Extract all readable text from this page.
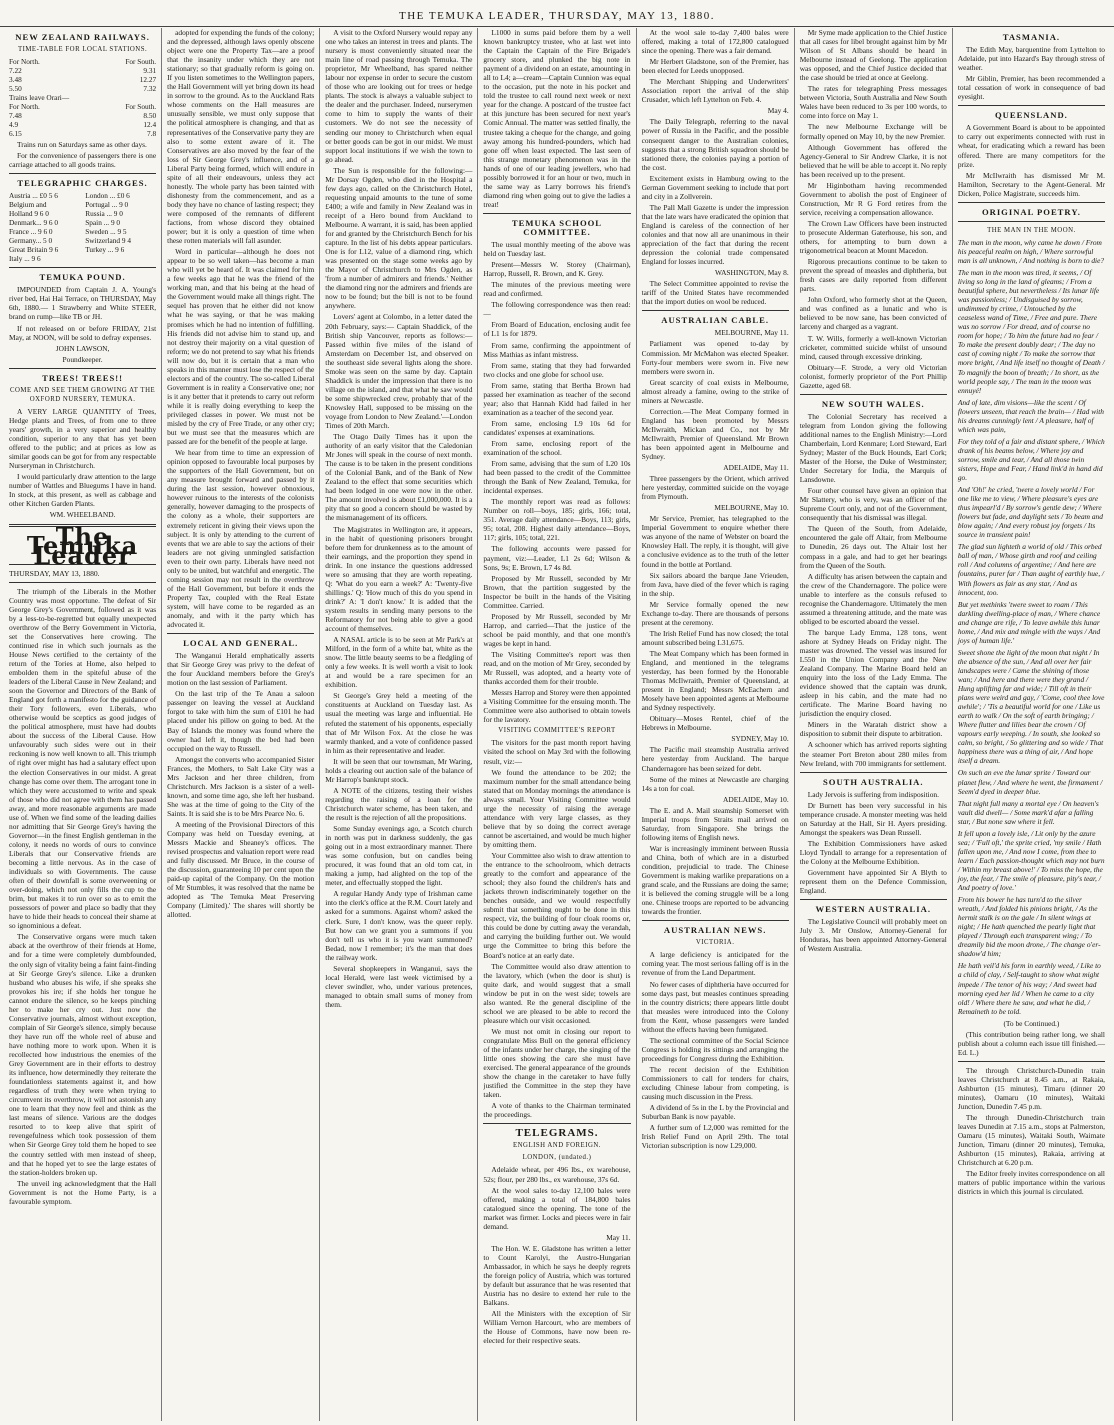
THE TEMUKA LEADER, THURSDAY, MAY 13, 1880.

NEW ZEALAND RAILWAYS.

TIME-TABLE FOR LOCAL STATIONS.

For North.	For South.
7.22	9.31
3.48	12.27
5.50	7.32
Trains leave Orari—	
For North.	For South.
7.48	8.50
4.9	12.4
6.15	7.8

Trains run on Saturdays same as other days.

For the convenience of passengers there is one carriage attached to all goods trains.

TELEGRAPHIC CHARGES.

Austria ... £0 5 6	London ... £0 6
Belgium and	Portugal ... 9 0
Holland 9 6 0	Russia ... 9 0
Denmark... 9 6 0	Spain ... 9 0
France ... 9 6 0	Sweden ... 9 5
Germany... 5 0	Switzerland 9 4
Great Britain 9 6	Turkey ... 9 6
Italy ... 9 6	

TEMUKA POUND.

IMPOUNDED from Captain J. A. Young's river bed, Hai Hai Terrace, on THURSDAY, May 6th, 1880.— 1 Strawberry and White STEER, brand on rump—like TB or JH.

If not released on or before FRIDAY, 21st May, at NOON, will be sold to defray expenses.

JOHN LAWSON,

Poundkeeper.

TREES! TREES!!

COME AND SEE THEM GROWING AT THE OXFORD NURSERY, TEMUKA.

A VERY LARGE QUANTITY of Trees, Hedge plants and Trees, of from one to three years' growth, in a very superior and healthy condition, superior to any that has yet been offered to the public; and at prices as low as similar goods can be got for from any respectable Nurseryman in Christchurch.

I would particularly draw attention to the large number of Wattles and Bluegums I have in hand. In stock, at this present, as well as cabbage and other Kitchen Garden Plants.

WM. WHEELBAND.

The Temuka Leader

THURSDAY, MAY 13, 1880.

The triumph of the Liberals in the Mother Country was most opportune. The defeat of Sir George Grey's Government, followed as it was by a less-to-be-regretted but equally unexpected overthrow of the Berry Government in Victoria, set the Conservatives here crowing. The continued rise in which such journals as the House News certified to the certainty of the return of the Tories at Home, also helped to embolden them in the spiteful abuse of the leaders of the Liberal Cause in New Zealand; and soon the Governor and Directors of the Bank of England got forth a manifesto for the guidance of their Tory followers, even Liberals, who otherwise would be sceptics as good judges of the political atmosphere, must have had doubts about the success of the Liberal Cause. How unfavourably such sides were out in their reckoning is now well known to all. This triumph of right over might has had a salutary effect upon the election Conservatives in our midst. A great change has come over them. The arrogant tone in which they were accustomed to write and speak of those who did not agree with them has passed away, and more reasonable arguments are made use of. When we find some of the leading dailies nor admitting that Sir George Grey's having the Governor—in the finest English gentleman in the colony, it needs no words of ours to convince Liberals that our Conservative friends are becoming a little nervous. As in the case of individuals so with Governments. The cause often of their downfall is some overweening or over-doing, which not only fills the cup to the brim, but makes it to run over so as to emit the possessors of power and place so badly that they have to hide their heads to conceal their shame at so ignominious a defeat.

The Conservative organs were much taken aback at the overthrow of their friends at Home, and for a time were completely dumbfounded, the only sign of vitality being a faint faint-finding at Sir George Grey's silence. Like a drunken husband who abuses his wife, if she speaks she provokes his ire; if she holds her tongue he cannot endure the silence, so he keeps pinching her to make her cry out. Just now the Conservative journals, almost without exception, complain of Sir George's silence, simply because they have run off the whole reel of abuse and have nothing more to work upon. When it is recollected how industrious the enemies of the Grey Government are in their efforts to destroy its influence, how determinedly they reiterate the foundationless statements against it, and how regardless of truth they were when trying to circumvent its overthrow, it will not astonish any one to learn that they now feel and think as the last means of silence. Various are the dodges resorted to to keep alive that spirit of revengefulness which took possession of them when Sir George Grey told them he hoped to see the country settled with men instead of sheep, and that he hoped yet to see the large estates of the station-holders broken up.

The unveil ing acknowledgment that the Hall Government is not the Home Party, is a favourable symptom.

adopted for expending the funds of the colony; and the depressed, although laws openly obscene object were one the Property Tax—are a proof that the insanity under which they are not stationary; so that gradually reform is going on. If you listen sometimes to the Wellington papers, the Hall Government will yet bring down its head in sorrow to the ground. As to the Auckland Rats whose comments on the Hall measures are unusually sensible, we must only suppose that the political atmosphere is changing, and that as representatives of the Conservative party they are also to some extent aware of it. The Conservatives are also moved by the fear of the loss of Sir George Grey's influence, and of a Liberal Party being formed, which will endure in spite of all their endeavours, unless they act honestly. The whole party has been tainted with dishonesty from the commencement, and as a body they have no chance of lasting respect; they were composed of the remnants of different factions, from whose discord they obtained power; but it is only a question of time when these rotten materials will fall asunder.

Word in particular—although he does not appear to be so well taken—has become a man who will yet be heard of. It was claimed for him a few weeks ago that he was the friend of the working man, and that his being at the head of the Government would make all things right. The sequel has proven that he either did not know what he was saying, or that he was making promises which he had no intention of fulfilling. His friends did not advise him to stand up, and not destroy their majority on a vital question of reform; we do not pretend to say what his friends will now do, but it is certain that a man who speaks in this manner must lose the respect of the electors and of the country. The so-called Liberal Government is in reality a Conservative one; nor is it any better that it pretends to carry out reform while it is really doing everything to keep the privileged classes in power. We must not be misled by the cry of Free Trade, or any other cry; but we must see that the measures which are passed are for the benefit of the people at large.

We hear from time to time an expression of opinion opposed to favourable local purposes by the supporters of the Hall Government, but on any measure brought forward and passed by it during the last session, however obnoxious, however ruinous to the interests of the colonists generally, however damaging to the prospects of the colony as a whole, their supporters are extremely reticent in giving their views upon the subject. It is only by attending to the current of events that we are able to say the actions of their leaders are not giving unmingled satisfaction even to their own party. Liberals have need not only to be united, but watchful and energetic. The coming session may not result in the overthrow of the Hall Government, but before it ends the Property Tax, coupled with the Real Estate system, will have come to be regarded as an anomaly, and with it the party which has advocated it.

LOCAL AND GENERAL.

The Wanganui Herald emphatically asserts that Sir George Grey was privy to the defeat of the four Auckland members before the Grey's motion on the last session of Parliament.

On the last trip of the Te Anau a saloon passenger on leaving the vessel at Auckland forgot to take with him the sum of £101 he had placed under his pillow on going to bed. At the Bay of Islands the money was found where the owner had left it, though the bed had been occupied on the way to Russell.

Amongst the converts who accompanied Sister Frances, the Mothers, to Salt Lake City was a Mrs Jackson and her three children, from Christchurch. Mrs Jackson is a sister of a well-known, and some time ago, she left her husband. She was at the time of going to the City of the Saints. It is said she is to be Mrs Pearce No. 6.

A meeting of the Provisional Directors of this Company was held on Tuesday evening, at Messrs Mackie and Sheaney's offices. The revised prospectus and valuation report were read and fully discussed. Mr Bruce, in the course of the discussion, guaranteeing 10 per cent upon the paid-up capital of the Company. On the motion of Mr Stumbles, it was resolved that the name be adopted as 'The Temuka Meat Preserving Company (Limited).' The shares will shortly be allotted.

A visit to the Oxford Nursery would repay any one who takes an interest in trees and plants. The nursery is most conveniently situated near the main line of road passing through Temuka. The proprietor, Mr Wheelband, has spared neither labour nor expense in order to secure the custom of those who are looking out for trees or hedge plants. The stock is always a valuable subject to the dealer and the purchaser. Indeed, nurserymen come to him to supply the wants of their customers. We do not see the necessity of sending our money to Christchurch when equal or better goods can be got in our midst. We must support local institutions if we wish the town to go ahead.

The Sun is responsible for the following:— Mr Dorsay Ogden, who died in the Hospital a few days ago, called on the Christchurch Hotel, requesting unpaid amounts to the tune of some £400; a wife and family in New Zealand was in receipt of a Hero bound from Auckland to Melbourne. A warrant, it is said, has been applied for and granted by the Christchurch Bench for his capture. In the list of his debts appear particulars. One is for L12, value of a diamond ring, which was presented on the stage some weeks ago by the Mayor of Christchurch to Mrs Ogden, as 'from a number of admirers and friends.' Neither the diamond ring nor the admirers and friends are now to be found; but the bill is not to be found anywhere.

Lovers' agent at Colombo, in a letter dated the 20th February, says:— Captain Shaddick, of the British ship Vancouver, reports as follows:— Passed within five miles of the island of Amsterdam on December 1st, and observed on the southeast side several lights along the shore. Smoke was seen on the same by day. Captain Shaddick is under the impression that there is no village on the island, and that what he saw would be some shipwrecked crew, probably that of the Knowsley Hall, supposed to be missing on the voyage from London to New Zealand.'—London Times of 20th March.

The Otago Daily Times has it upon the authority of an early visitor that the Caledonian Mr Jones will speak in the course of next month. The cause is to be taken in the present conditions of the Colonial Bank, and of the Bank of New Zealand to the effect that some securities which had been lodged in one were now in the other. The amount involved is about £1,000,000. It is a pity that so good a concern should be wasted by the mismanagement of its officers.

The Magistrates in Wellington are, it appears, in the habit of questioning prisoners brought before them for drunkenness as to the amount of their earnings, and the proportion they spend in drink. In one instance the questions addressed were so amusing that they are worth repeating. Q: 'What do you earn a week?' A: 'Twenty-five shillings.' Q: 'How much of this do you spend in drink?' A: 'I don't know.' It is added that the system results in sending many persons to the Reformatory for not being able to give a good account of themselves.

A NASAL article is to be seen at Mr Park's at Milford, in the form of a white bat, white as the snow. The little beauty seems to be a fledgling of only a few weeks. It is well worth a visit to look at and would be a rare specimen for an exhibition.

St George's Grey held a meeting of the constituents at Auckland on Tuesday last. As usual the meeting was large and influential. He refuted the statement of his opponents, especially that of Mr Wilson Fox. At the close he was warmly thanked, and a vote of confidence passed in him as their representative and leader.

It will be seen that our townsman, Mr Waring, holds a clearing out auction sale of the balance of Mr Harrop's bankrupt stock.

A NOTE of the citizens, testing their wishes regarding the raising of a loan for the Christchurch water scheme, has been taken, and the result is the rejection of all the propositions.

Some Sunday evenings ago, a Scotch church in north was put in darkness suddenly, the gas going out in a most extraordinary manner. There was some confusion, but on candles being procured, it was found that an old tom cat, in making a jump, had alighted on the top of the meter, and effectually stopped the light.

A regular Handy Andy type of Irishman came into the clerk's office at the R.M. Court lately and asked for a summons. Against whom? asked the clerk. Sure, I don't know, was the queer reply. But how can we grant you a summons if you don't tell us who it is you want summoned? Bedad, now I remember; it's the man that does the railway work.

Several shopkeepers in Wanganui, says the local Herald, were last week victimised by a clever swindler, who, under various pretences, managed to obtain small sums of money from them.

L1000 in sums paid before them by a well known bankruptcy trustee, who at last wet into the Captain the Captain of the Fire Brigade's grocery store, and plunked the big note in payment of a dividend on an estate, amounting in all to L4; a—cream—Captain Cunnion was equal to the occasion, put the note in his pocket and told the trustee to call round next week or next year for the change. A postcard of the trustee fact at this juncture has been secured for next year's Comic Annual. The matter was settled finally, the trustee taking a cheque for the change, and going away among his hundred-pounders, which had gone off when least expected. The last seen of this strange monetary phenomenon was in the hands of one of our leading jewellers, who had possibly borrowed it for an hour or two, much in the same way as Larry borrows his friend's diamond ring when going out to give the ladies a treat!

TEMUKA SCHOOL COMMITTEE.

The usual monthly meeting of the above was held on Tuesday last.

Present—Messrs W. Storey (Chairman), Harrop, Russell, R. Brown, and K. Grey.

The minutes of the previous meeting were read and confirmed.

The following correspondence was then read:—

From Board of Education, enclosing audit fee of L1 1s for 1879.

From same, confirming the appointment of Miss Mathias as infant mistress.

From same, stating that they had forwarded two clocks and one globe for school use.

From same, stating that Bertha Brown had passed her examination as teacher of the second year; also that Hannah Kidd had failed in her examination as a teacher of the second year.

From same, enclosing L9 10s 6d for candidates' expenses at examinations.

From same, enclosing report of the examination of the school.

From same, advising that the sum of L20 10s had been passed to the credit of the Committee through the Bank of New Zealand, Temuka, for incidental expenses.

The monthly report was read as follows: Number on roll—boys, 185; girls, 166; total, 351. Average daily attendance—Boys, 113; girls, 95; total, 208. Highest daily attendance—Boys, 117; girls, 105; total, 221.

The following accounts were passed for payment, viz:—Leader, L1 2s 6d; Wilson & Sons, 9s; E. Brown, L7 4s 8d.

Proposed by Mr Russell, seconded by Mr Brown, that the partition suggested by the Inspector be built in the hands of the Visiting Committee. Carried.

Proposed by Mr Russell, seconded by Mr Harrop, and carried—That the justice of the school be paid monthly, and that one month's wages be kept in hand.

The Visiting Committee's report was then read, and on the motion of Mr Grey, seconded by Mr Russell, was adopted, and a hearty vote of thanks accorded them for their trouble.

Messrs Harrop and Storey were then appointed a Visiting Committee for the ensuing month. The Committee were also authorised to obtain towels for the lavatory.

VISITING COMMITTEE'S REPORT

The visitors for the past month report having visited the school on May 3rd with the following result, viz:—

We found the attendance to be 202; the maximum number for the small attendance being stated that on Monday mornings the attendance is always small. Your Visiting Committee would urge the necessity of raising the average attendance with very large classes, as they believe that by so doing the correct average cannot be ascertained, and would be much higher by omitting them.

Your Committee also wish to draw attention to the entrance to the schoolroom, which detracts greatly to the comfort and appearance of the school; they also found the children's hats and jackets thrown indiscriminately together on the benches outside, and we would respectfully submit that something ought to be done in this respect, viz, the building of four cloak rooms or, this could be done by cutting away the verandah, and carrying the building further out. We would urge the Committee to bring this before the Board's notice at an early date.

The Committee would also draw attention to the lavatory, which (when the door is shut) is quite dark, and would suggest that a small window be put in on the west side; towels are also wanted. Re the general discipline of the school we are pleased to be able to record the pleasure which our visit occasioned.

We must not omit in closing our report to congratulate Miss Bull on the general efficiency of the infants under her charge, the singing of the little ones showing the care she must have exercised. The general appearance of the grounds show the change in the caretaker to have fully justified the Committee in the step they have taken.

A vote of thanks to the Chairman terminated the proceedings.

TELEGRAMS.

ENGLISH AND FOREIGN.

LONDON, (undated.)

Adelaide wheat, per 496 lbs., ex warehouse, 52s; flour, per 280 lbs., ex warehouse, 37s 6d.

At the wool sales to-day 12,100 bales were offered, making a total of 184,800 bales catalogued since the opening. The tone of the market was firmer. Locks and pieces were in fair demand.

May 11.

The Hon. W. E. Gladstone has written a letter to Count Karolyi, the Austro-Hungarian Ambassador, in which he says he deeply regrets the foreign policy of Austria, which was tortured by default but assurance that he was resented that Austria has no desire to extend her rule to the Balkans.

All the Ministers with the exception of Sir William Vernon Harcourt, who are members of the House of Commons, have now been re-elected for their respective seats.

At the wool sale to-day 7,400 bales were offered, making a total of 172,800 catalogued since the opening. There was a fair demand.

Mr Herbert Gladstone, son of the Premier, has been elected for Leeds unopposed.

The Merchant Shipping and Underwriters' Association report the arrival of the ship Crusader, which left Lyttelton on Feb. 4.

May 4.

The Daily Telegraph, referring to the naval power of Russia in the Pacific, and the possible consequent danger to the Australian colonies, suggests that a strong British squadron should be stationed there, the colonies paying a portion of the cost.

Excitement exists in Hamburg owing to the German Government seeking to include that port and city in a Zollverein.

The Pall Mall Gazette is under the impression that the late wars have eradicated the opinion that England is careless of the connection of her colonies and that now all are unanimous in their appreciation of the fact that during the recent depression the colonial trade compensated England for losses incurred.

WASHINGTON, May 8.

The Select Committee appointed to revise the tariff of the United States have recommended that the import duties on wool be reduced.

AUSTRALIAN CABLE.

MELBOURNE, May 11.

Parliament was opened to-day by Commission. Mr McMahon was elected Speaker. Forty-four members were sworn in. Five new members were sworn in.

Great scarcity of coal exists in Melbourne, almost already a famine, owing to the strike of miners at Newcastle.

Correction.—The Meat Company formed in England has been promoted by Messrs McIlwraith, Mickan and Co., not by Mr McIlwraith, Premier of Queensland. Mr Brown has been appointed agent in Melbourne and Sydney.

ADELAIDE, May 11.

Three passengers by the Orient, which arrived here yesterday, committed suicide on the voyage from Plymouth.

MELBOURNE, May 10.

Mr Service, Premier, has telegraphed to the Imperial Government to enquire whether there was anyone of the name of Webster on board the Knowsley Hall. The reply, it is thought, will give a conclusive evidence as to the truth of the letter found in the bottle at Portland.

Six sailors aboard the barque Jane Vrieuden, from Java, have died of the fever which is raging in the ship.

Mr Service formally opened the new Exchange to-day. There are thousands of persons present at the ceremony.

The Irish Relief Fund has now closed; the total amount subscribed being L31,675.

The Meat Company which has been formed in England, and mentioned in the telegrams yesterday, has been formed by the Honorable Thomas McIlwraith, Premier of Queensland, at present in England; Messrs McEachern and Mosely have been appointed agents at Melbourne and Sydney respectively.

Obituary—Moses Rentel, chief of the Hebrews in Melbourne.

SYDNEY, May 10.

The Pacific mail steamship Australia arrived here yesterday from Auckland. The barque Chandernagore has been seized for debt.

Some of the mines at Newcastle are charging 14s a ton for coal.

ADELAIDE, May 10.

The E. and A. Mail steamship Somerset with Imperial troops from Straits mail arrived on Saturday, from Singapore. She brings the following items of English news.

War is increasingly imminent between Russia and China, both of which are in a disturbed condition, prejudicial to trade. The Chinese Government is making warlike preparations on a grand scale, and the Russians are doing the same; it is believed the coming struggle will be a long one. Chinese troops are reported to be advancing towards the frontier.

AUSTRALIAN NEWS.

VICTORIA.

A large deficiency is anticipated for the coming year. The most serious falling off is in the revenue of from the Land Department.

No fewer cases of diphtheria have occurred for some days past, but measles continues spreading in the country districts; there appears little doubt that measles were introduced into the Colony from the Kent, whose passengers were landed without the effects having been fumigated.

The sectional committee of the Social Science Congress is holding its sittings and arranging the proceedings for Congress during the Exhibition.

The recent decision of the Exhibition Commissioners to call for tenders for chairs, excluding Chinese labour from competing, is causing much discussion in the Press.

A dividend of 5s in the L by the Provincial and Suburban Bank is now payable.

A further sum of L2,000 was remitted for the Irish Relief Fund on April 29th. The total Victorian subscription is now L29,000.

Mr Syme made application to the Chief Justice that all cases for libel brought against him by Mr Wilson of St Albans should be heard in Melbourne instead of Geelong. The application was opposed, and the Chief Justice decided that the case should be tried at once at Geelong.

The rates for telegraphing Press messages between Victoria, South Australia and New South Wales have been reduced to 3s per 100 words, to come into force on May 1.

The new Melbourne Exchange will be formally opened on May 10, by the new Premier.

Although Government has offered the Agency-General to Sir Andrew Clarke, it is not believed that he will be able to accept it. No reply has been received up to the present.

Mr Higinbotham having recommended Government to abolish the post of Engineer of Construction, Mr R G Ford retires from the service, receiving a compensation allowance.

The Crown Law Officers have been instructed to prosecute Alderman Gaterhouse, his son, and others, for attempting to burn down a trigonometrical beacon at Mount Macedon.

Rigorous precautions continue to be taken to prevent the spread of measles and diphtheria, but fresh cases are daily reported from different parts.

John Oxford, who formerly shot at the Queen, and was confined as a lunatic and who is believed to be now sane, has been convicted of larceny and charged as a vagrant.

T. W. Wills, formerly a well-known Victorian cricketer, committed suicide whilst of unsound mind, caused through excessive drinking.

Obituary—F. Strode, a very old Victorian colonist, formerly proprietor of the Port Phillip Gazette, aged 68.

NEW SOUTH WALES.

The Colonial Secretary has received a telegram from London giving the following additional names to the English Ministry:—Lord Chamberlain, Lord Kenmare; Lord Steward, Earl Sydney; Master of the Buck Hounds, Earl Cork; Master of the Horse, the Duke of Westminster; Under Secretary for India, the Marquis of Lansdowne.

Four other counsel have given an opinion that Mr Slattery, who is very, was an officer of the Supreme Court only, and not of the Government, consequently that his dismissal was illegal.

The Queen of the South, from Adelaide, encountered the gale off Altair, from Melbourne to Dunedin, 26 days out. The Altair lost her compass in a gale, and had to get her bearings from the Queen of the South.

A difficulty has arisen between the captain and the crew of the Chandernagore. The police were unable to interfere as the consuls refused to recognise the Chandernagore. Ultimately the men assumed a threatening attitude, and the mate was obliged to be escorted aboard the vessel.

The barque Lady Emma, 128 tons, went ashore at Sydney Heads on Friday night. The master was drowned. The vessel was insured for L550 in the Union Company and the New Zealand Company. The Marine Board held an enquiry into the loss of the Lady Emma. The evidence showed that the captain was drunk, asleep in his cabin, and the mate had no certificate. The Marine Board having no jurisdiction the enquiry closed.

Miners in the Waratah district show a disposition to submit their dispute to arbitration.

A schooner which has arrived reports sighting the steamer Port Breton about 280 miles from New Ireland, with 700 immigrants for settlement.

SOUTH AUSTRALIA.

Lady Jervois is suffering from indisposition.

Dr Burnett has been very successful in his temperance crusade. A monster meeting was held on Saturday at the Hall, Sir H. Ayers presiding. Amongst the speakers was Dean Russell.

The Exhibition Commissioners have asked Lloyd Tyndall to arrange for a representation of the Colony at the Melbourne Exhibition.

Government have appointed Sir A Blyth to represent them on the Defence Commission, England.

WESTERN AUSTRALIA.

The Legislative Council will probably meet on July 3. Mr Onslow, Attorney-General for Honduras, has been appointed Attorney-General of Western Australia.

TASMANIA.

The Edith May, barquentine from Lyttelton to Adelaide, put into Hazard's Bay through stress of weather.

Mr Giblin, Premier, has been recommended a total cessation of work in consequence of bad eyesight.

QUEENSLAND.

A Government Board is about to be appointed to carry out experiments connected with rust in wheat, for eradicating which a reward has been offered. There are many competitors for the prize.

Mr McIlwraith has dismissed Mr M. Hamilton, Secretary to the Agent-General. Mr Dicken, Police Magistrate, succeeds him.

ORIGINAL POETRY.

THE MAN IN THE MOON.

The man in the moon, why came he down / From his peaceful realm on high, / Where sorrowful man is all unknown, / And nothing is born to die?

The man in the moon was tired, it seems, / Of living so long in the land of gleams; / From a beautiful sphere, but nevertheless / Its lunar life was passionless; / Undisguised by sorrow, undimmed by crime, / Untouched by the ceaseless wand of Time, / Free and pure. There was no sorrow / For dread, and of course no room for hope; / To him the future had no fear / To make the present doubly dear; / The day no cast of coming night / To make the sorrow that more bright, / And life itself no thought of Death / To magnify the boon of breath; / In short, as the world people say, / The man in the moon was ennuyé!

And of late, dim visions—like the scent / Of flowers unseen, that reach the brain— / Had with his dreams cunningly lent / A pleasure, half of which was pain,

For they told of a fair and distant sphere, / Which drank of his beams below, / Where joy and sorrow, smile and tear, / And all those twin sisters, Hope and Fear, / Hand link'd in hand did go.

And 'Oh!' he cried, 'twere a lovely world / For one like me to view, / Where pleasure's eyes are thus impearl'd / By sorrow's gentle dew; / Where flowers but fade, and daylight sets / To beam and blow again; / And every robust joy forgets / Its source in transient pain!

The glad sun lighteth a world of old / This orbed ball of man, / Whose girth and roof and ceiling roll / And columns of argentine; / And here are fountains, purer far / Than aught of earthly hue, / With flowers as fair as any star, / And as innocent, too.

But yet methinks 'twere sweet to roam / This darkling dwelling-place of man, / Where chance and change are rife, / To leave awhile this lunar home, / And mix and mingle with the ways / And joys of human life.'

Sweet shone the light of the moon that night / In the absence of the sun, / And all over her fair landscapes were / Came the shining of those wan; / And here and there were they grand / Hung uplifting far and wide; / Till oft in their plans were weird and gay, / 'Come, cool thee love awhile'; / 'Tis a beautiful world for one / Like us earth to walk / On the soft of earth bringing; / Where flutter and lilies bear the crown / Of vapours early weeping. / In south, she looked so calm, so bright, / So glittering and so wide / That happiness there was a thing of air, / And hope itself a dream.

On such an eve the lunar sprite / Toward our planet flew, / And where he went, the firmament / Seem'd dyed in deeper blue.

That night full many a mortal eye / On heaven's vault did dwell— / Some mark'd afar a falling star, / But none saw where it fell.

It fell upon a lovely isle, / Lit only by the azure sea; / 'Full oft,' the sprite cried, 'my smile / Hath fallen upon me, / And now I come, from thee to learn / Each passion-thought which may not burn / Within my breast above!' / To miss the hope, the joy, the fear, / The smile of pleasure, pity's tear, / And poetry of love.'

From his bower he has turn'd to the silver wreath, / And folded his pinions bright, / As the hermit stalk is on the gale / In silent wings at night; / He hath quenched the pearly light that played / Through each transparent wing; / To dreamily bid the moon drone, / The change o'er-shadow'd him;

He hath veil'd his form in earthly weed, / Like to a child of clay, / Self-taught to show what might impede / The tenor of his way; / And sweet had morning eyed her lid / When he came to a city old! / Where there he saw, and what he did, / Remaineth to be told.

(To be Continued.)

(This contribution being rather long, we shall publish about a column each issue till finished.—Ed. L.)

The through Christchurch-Dunedin train leaves Christchurch at 8.45 a.m., at Rakaia, Ashburton (15 minutes), Timaru (dinner 20 minutes), Oamaru (10 minutes), Waitaki Junction, Dunedin 7.45 p.m.

The through Dunedin-Christchurch train leaves Dunedin at 7.15 a.m., stops at Palmerston, Oamaru (15 minutes), Waitaki South, Waimate Junction, Timaru (dinner 20 minutes), Temuka, Ashburton (15 minutes), Rakaia, arriving at Christchurch at 6.20 p.m.

The Editor freely invites correspondence on all matters of public importance within the various districts in which this journal is circulated.
